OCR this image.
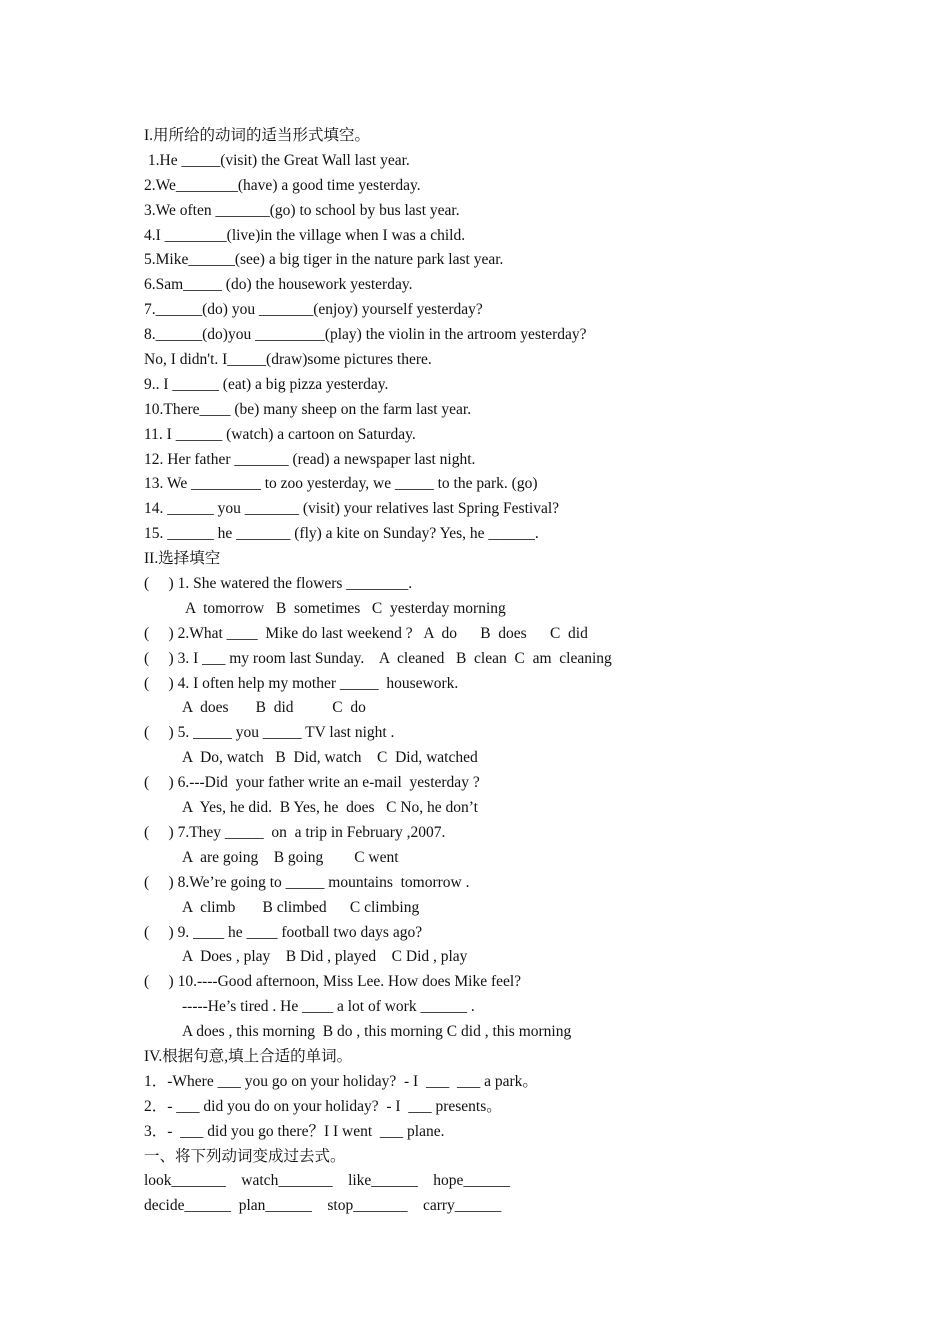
I.用所给的动词的适当形式填空。
1.He _____(visit) the Great Wall last year.
2.We________(have) a good time yesterday.
3.We often _______(go) to school by bus last year.
4.I ________(live)in the village when I was a child.
5.Mike______(see) a big tiger in the nature park last year.
6.Sam_____ (do) the housework yesterday.
7.______(do) you _______(enjoy) yourself yesterday?
8.______(do)you _________(play) the violin in the artroom yesterday?
No, I didn't. I_____(draw)some pictures there.
9.. I ______ (eat) a big pizza yesterday.
10.There____ (be) many sheep on the farm last year.
11. I ______ (watch) a cartoon on Saturday.
12. Her father _______ (read) a newspaper last night.
13. We _________ to zoo yesterday, we _____ to the park. (go)
14. ______ you _______ (visit) your relatives last Spring Festival?
15. ______ he _______ (fly) a kite on Sunday? Yes, he ______.
II.选择填空
(     ) 1. She watered the flowers ________.
A  tomorrow   B  sometimes   C  yesterday morning
(     ) 2.What ____  Mike do last weekend ?   A  do      B  does      C  did
(     ) 3. I ___ my room last Sunday.    A  cleaned   B  clean  C  am  cleaning
(     ) 4. I often help my mother _____  housework.
A  does       B  did          C  do
(     ) 5. _____ you _____ TV last night .
A  Do, watch   B  Did, watch    C  Did, watched
(     ) 6.---Did  your father write an e-mail  yesterday ?
A  Yes, he did.  B Yes, he  does   C No, he don’t
(     ) 7.They _____  on  a trip in February ,2007.
A  are going    B going        C went
(     ) 8.We’re going to _____ mountains  tomorrow .
A  climb       B climbed      C climbing
(     ) 9. ____ he ____ football two days ago?
A  Does , play    B Did , played    C Did , play
(     ) 10.----Good afternoon, Miss Lee. How does Mike feel?
-----He’s tired . He ____ a lot of work ______ .
A does , this morning  B do , this morning C did , this morning
IV.根据句意,填上合适的单词。
1．-Where ___ you go on your holiday?  - I  ___  ___ a park。
2．- ___ did you do on your holiday?  - I  ___ presents。
3．-  ___ did you go there？I I went  ___ plane.
一、将下列动词变成过去式。
look_______    watch_______    like______    hope______
decide______  plan______    stop_______    carry______
